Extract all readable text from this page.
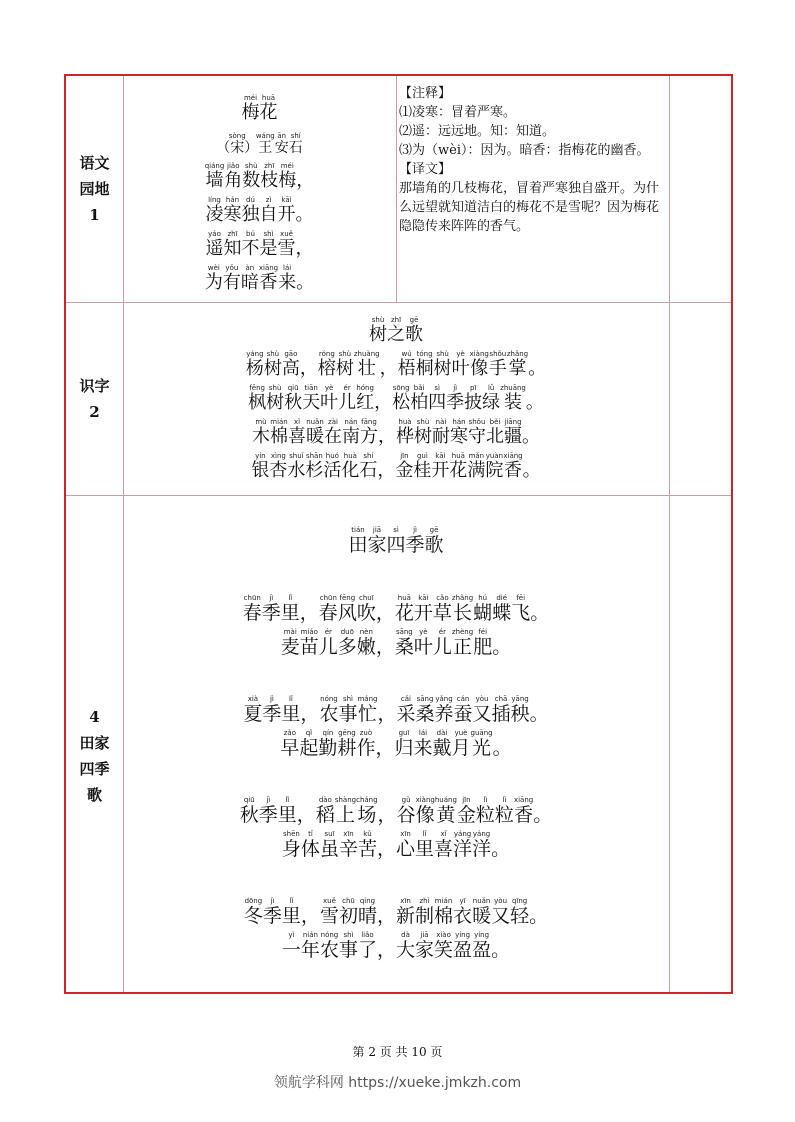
语文
园地
1
识字
2
4
田家
四季
歌
梅méi花huā
（宋sòng）王wáng安ān石shí
墙qiáng角jiǎo数shù枝zhī梅méi，
凌líng寒hán独dú自zì开kāi。
遥yáo知zhī不bú是shì雪xuě，
为wèi有yǒu暗àn香xiāng来lái。

【注释】

⑴凌寒：冒着严寒。

⑵遥：远远地。知：知道。

⑶为（wèi）：因为。暗香：指梅花的幽香。

【译文】

那墙角的几枝梅花，冒着严寒独自盛开。为什么远望就知道洁白的梅花不是雪呢？因为梅花隐隐传来阵阵的香气。

树shù之zhī歌gē
杨yáng树shù高gāo，榕róng树shù壮zhuàng，梧wú桐tóng树shù叶yè像xiàng手shǒu掌zhǎng。
枫fēng树shù秋qiū天tiān叶yè儿ér红hóng，松sōng柏bǎi四sì季jì披pī绿lǜ装zhuāng。
木mù棉mián喜xǐ暖nuǎn在zài南nán方fāng，桦huà树shù耐nài寒hán守shǒu北běi疆jiāng。
银yín杏xìng水shuǐ杉shān活huó化huà石shí，金jīn桂guì开kāi花huā满mǎn院yuàn香xiāng。
田tián家jiā四sì季jì歌gē
春chūn季jì里lǐ，春chūn风fēng吹chuī，花huā开kāi草cǎo长zhǎng蝴hú蝶dié飞fēi。
麦mài苗miáo儿ér多duō嫩nèn，桑sāng叶yè儿ér正zhèng肥féi。
夏xià季jì里lǐ，农nóng事shì忙máng，采cǎi桑sāng养yǎng蚕cán又yòu插chā秧yāng。
早zǎo起qǐ勤qín耕gēng作zuò，归guī来lái戴dài月yuè光guāng。
秋qiū季jì里lǐ，稻dào上shàng场cháng，谷gǔ像xiàng黄huáng金jīn粒lì粒lì香xiāng。
身shēn体tǐ虽suī辛xīn苦kǔ，心xīn里lǐ喜xǐ洋yáng洋yáng。
冬dōng季jì里lǐ，雪xuě初chū晴qíng，新xīn制zhì棉mián衣yī暖nuǎn又yòu轻qīng。
一yì年nián农nóng事shì了liǎo，大dà家jiā笑xiào盈yíng盈yíng。
第 2 页 共 10 页
领航学科网 https://xueke.jmkzh.com
